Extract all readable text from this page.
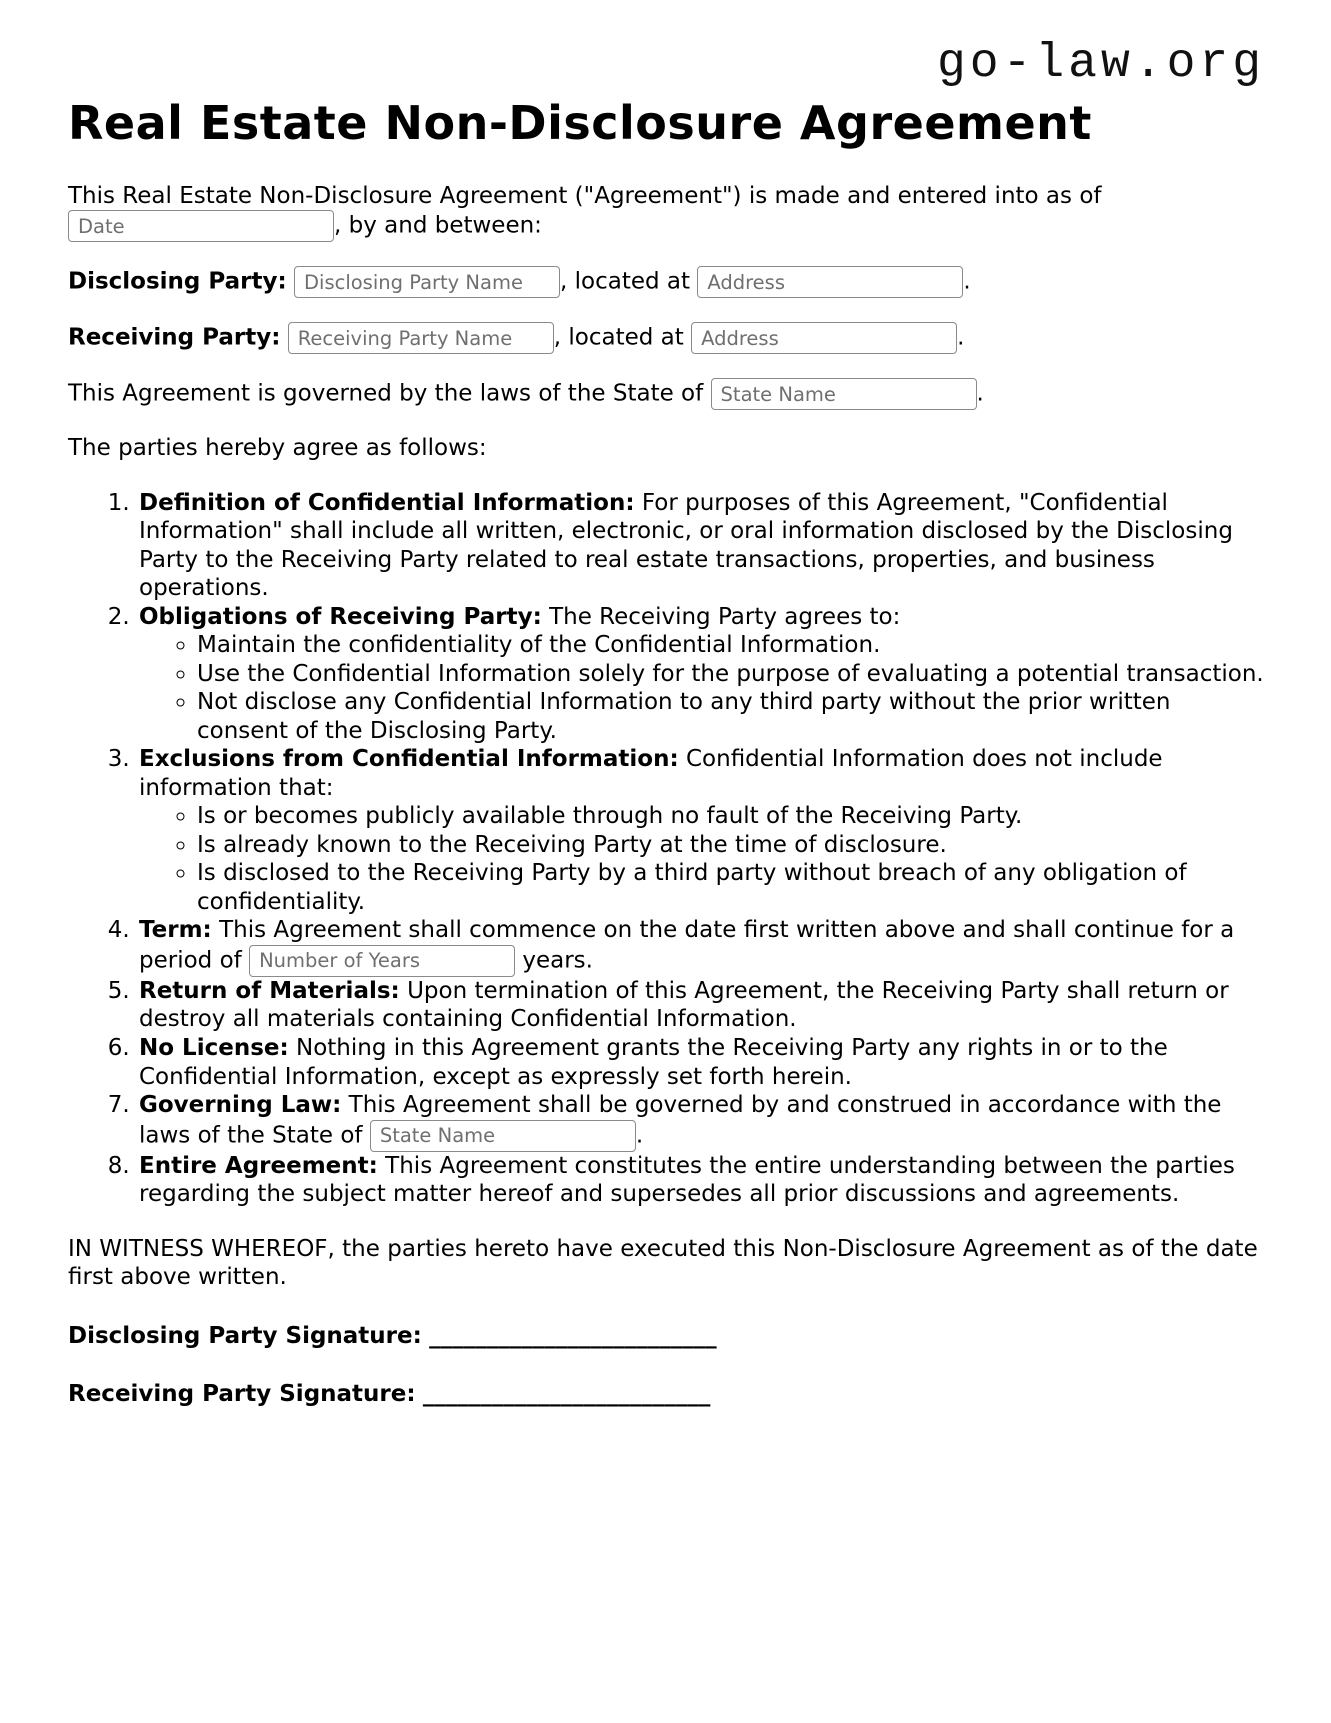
go-law.org
Real Estate Non-Disclosure Agreement

This Real Estate Non-Disclosure Agreement ("Agreement") is made and entered into as of Date, by and between:

Disclosing Party: Disclosing Party Name	, located at Address	.

Receiving Party: Receiving Party Name	, located at Address	.

This Agreement is governed by the laws of the State of State Name	.

The parties hereby agree as follows:

1. Definition of Confidential Information: For purposes of this Agreement, "Confidential Information" shall include all written, electronic, or oral information disclosed by the Disclosing Party to the Receiving Party related to real estate transactions, properties, and business operations.
2. Obligations of Receiving Party: The Receiving Party agrees to:
◦ Maintain the confidentiality of the Confidential Information.
◦ Use the Confidential Information solely for the purpose of evaluating a potential transaction.
◦ Not disclose any Confidential Information to any third party without the prior written consent of the Disclosing Party.
3. Exclusions from Confidential Information: Confidential Information does not include information that:
◦ Is or becomes publicly available through no fault of the Receiving Party.
◦ Is already known to the Receiving Party at the time of disclosure.
◦ Is disclosed to the Receiving Party by a third party without breach of any obligation of confidentiality.
4. Term: This Agreement shall commence on the date first written above and shall continue for a period of Number of Years	years.
5. Return of Materials: Upon termination of this Agreement, the Receiving Party shall return or destroy all materials containing Confidential Information.
6. No License: Nothing in this Agreement grants the Receiving Party any rights in or to the Confidential Information, except as expressly set forth herein.
7. Governing Law: This Agreement shall be governed by and construed in accordance with the laws of the State of State Name	.
8. Entire Agreement: This Agreement constitutes the entire understanding between the parties regarding the subject matter hereof and supersedes all prior discussions and agreements.

IN WITNESS WHEREOF, the parties hereto have executed this Non-Disclosure Agreement as of the date first above written.

Disclosing Party Signature: _________________________

Receiving Party Signature: _________________________
